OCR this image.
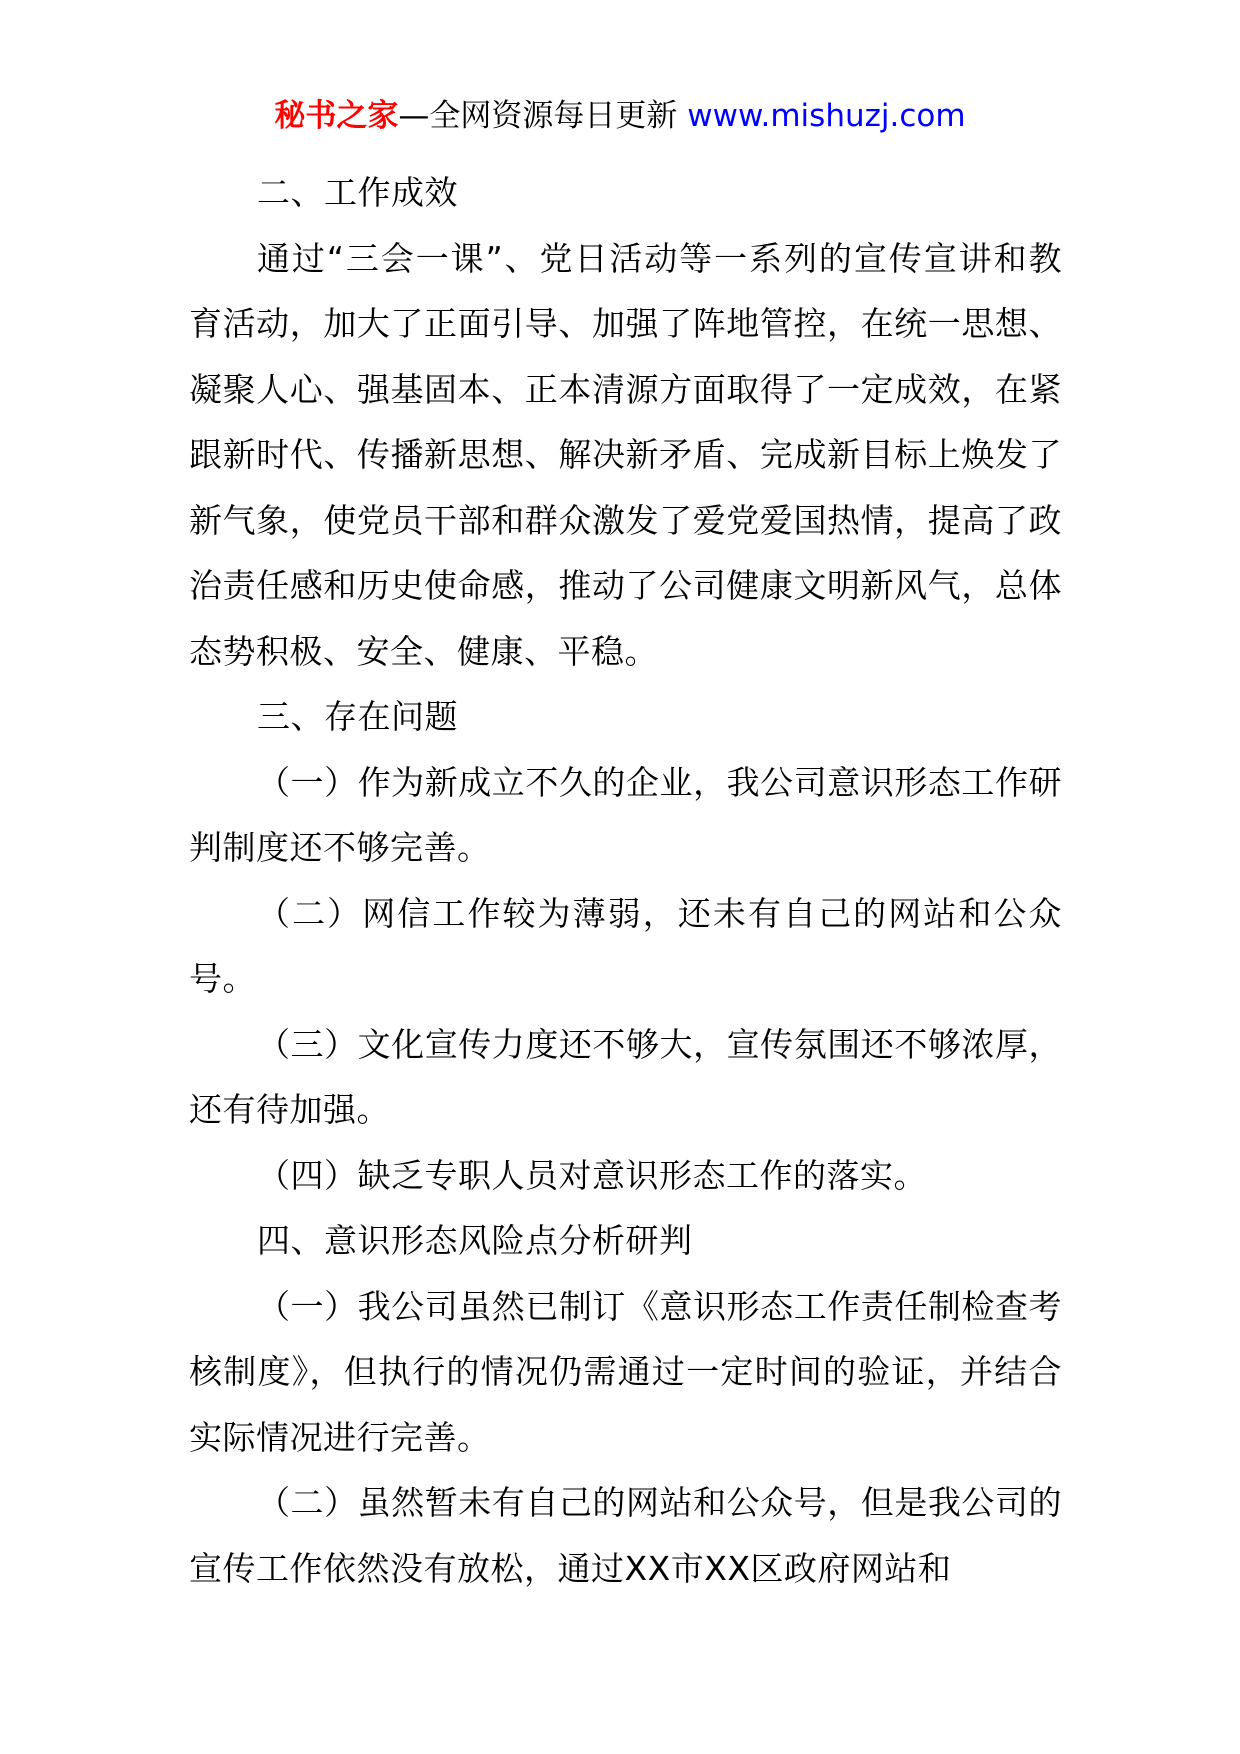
秘书之家—全网资源每日更新 www.mishuzj.com

二、工作成效

通过“三会一课”、党日活动等一系列的宣传宣讲和教育活动，加大了正面引导、加强了阵地管控，在统一思想、凝聚人心、强基固本、正本清源方面取得了一定成效，在紧跟新时代、传播新思想、解决新矛盾、完成新目标上焕发了新气象，使党员干部和群众激发了爱党爱国热情，提高了政治责任感和历史使命感，推动了公司健康文明新风气，总体态势积极、安全、健康、平稳。

三、存在问题

（一）作为新成立不久的企业，我公司意识形态工作研判制度还不够完善。

（二）网信工作较为薄弱，还未有自己的网站和公众号。

（三）文化宣传力度还不够大，宣传氛围还不够浓厚，还有待加强。

（四）缺乏专职人员对意识形态工作的落实。

四、意识形态风险点分析研判

（一）我公司虽然已制订《意识形态工作责任制检查考核制度》，但执行的情况仍需通过一定时间的验证，并结合实际情况进行完善。

（二）虽然暂未有自己的网站和公众号，但是我公司的宣传工作依然没有放松，通过XX市XX区政府网站和
